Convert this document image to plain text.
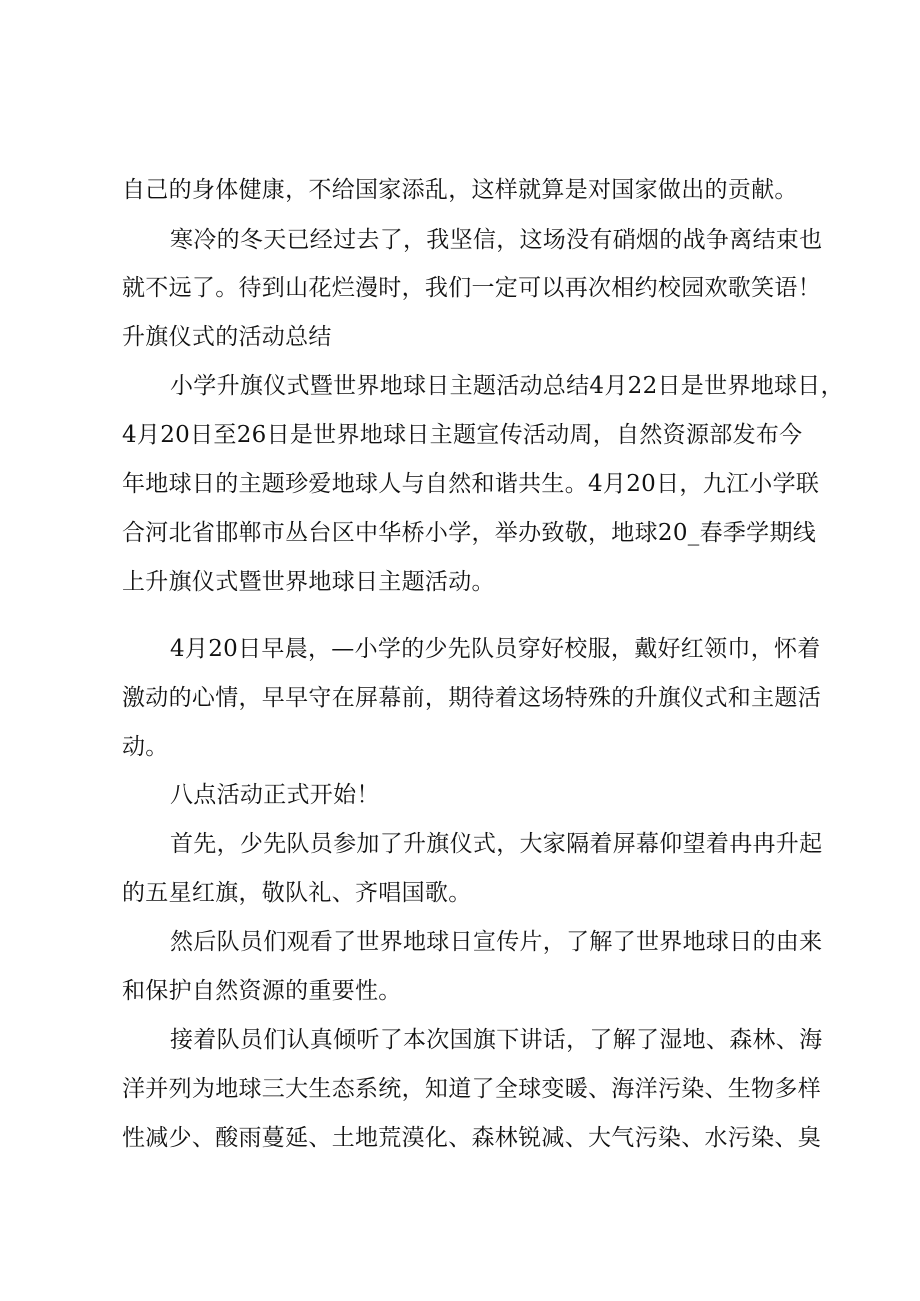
自己的身体健康，不给国家添乱，这样就算是对国家做出的贡献。
寒冷的冬天已经过去了，我坚信，这场没有硝烟的战争离结束也
就不远了。待到山花烂漫时，我们一定可以再次相约校园欢歌笑语！
升旗仪式的活动总结
小学升旗仪式暨世界地球日主题活动总结4月22日是世界地球日，
4月20日至26日是世界地球日主题宣传活动周，自然资源部发布今
年地球日的主题珍爱地球人与自然和谐共生。4月20日，九江小学联
合河北省邯郸市丛台区中华桥小学，举办致敬，地球20_春季学期线
上升旗仪式暨世界地球日主题活动。
4月20日早晨，—小学的少先队员穿好校服，戴好红领巾，怀着
激动的心情，早早守在屏幕前，期待着这场特殊的升旗仪式和主题活
动。
八点活动正式开始！
首先，少先队员参加了升旗仪式，大家隔着屏幕仰望着冉冉升起
的五星红旗，敬队礼、齐唱国歌。
然后队员们观看了世界地球日宣传片，了解了世界地球日的由来
和保护自然资源的重要性。
接着队员们认真倾听了本次国旗下讲话，了解了湿地、森林、海
洋并列为地球三大生态系统，知道了全球变暖、海洋污染、生物多样
性减少、酸雨蔓延、土地荒漠化、森林锐减、大气污染、水污染、臭
